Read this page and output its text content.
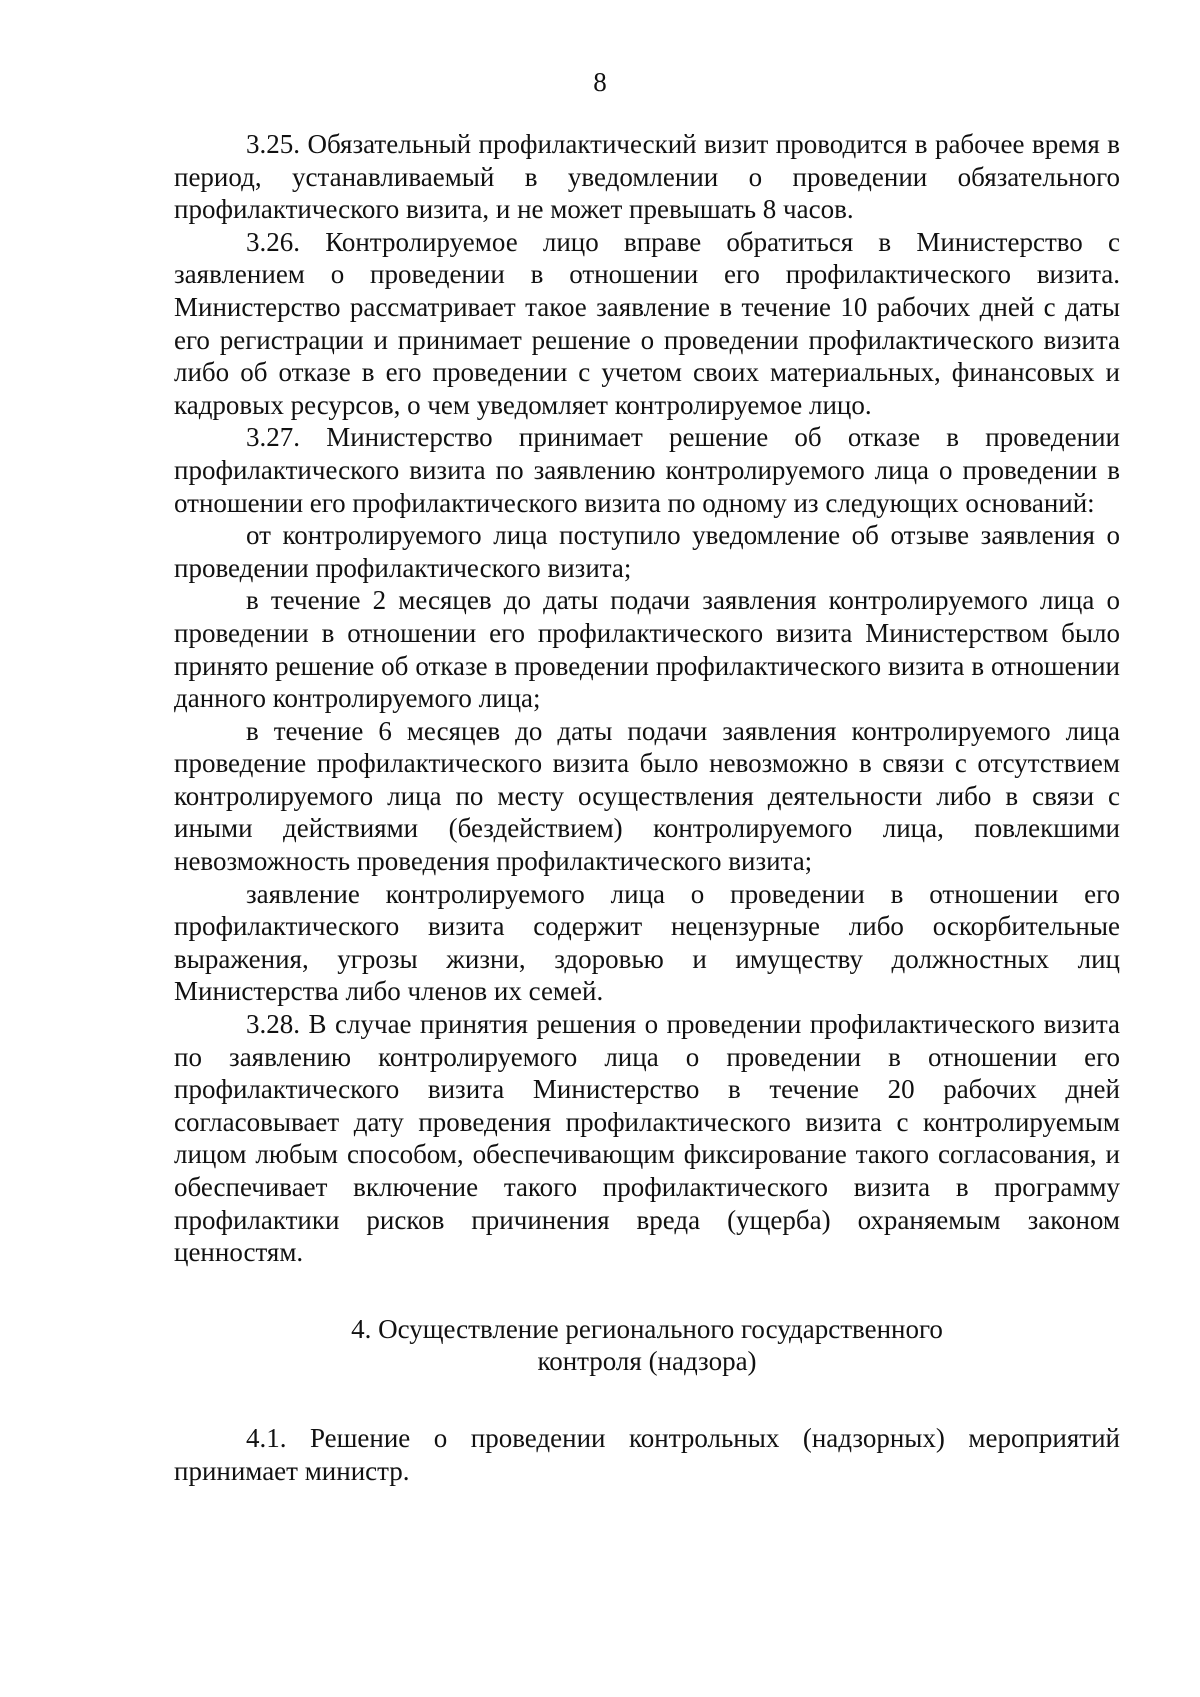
8

3.25. Обязательный профилактический визит проводится в рабочее время в период, устанавливаемый в уведомлении о проведении обязательного профилактического визита, и не может превышать 8 часов.

3.26. Контролируемое лицо вправе обратиться в Министерство с заявлением о проведении в отношении его профилактического визита. Министерство рассматривает такое заявление в течение 10 рабочих дней с даты его регистрации и принимает решение о проведении профилактического визита либо об отказе в его проведении с учетом своих материальных, финансовых и кадровых ресурсов, о чем уведомляет контролируемое лицо.

3.27. Министерство принимает решение об отказе в проведении профилактического визита по заявлению контролируемого лица о проведении в отношении его профилактического визита по одному из следующих оснований:

от контролируемого лица поступило уведомление об отзыве заявления о проведении профилактического визита;

в течение 2 месяцев до даты подачи заявления контролируемого лица о проведении в отношении его профилактического визита Министерством было принято решение об отказе в проведении профилактического визита в отношении данного контролируемого лица;

в течение 6 месяцев до даты подачи заявления контролируемого лица проведение профилактического визита было невозможно в связи с отсутствием контролируемого лица по месту осуществления деятельности либо в связи с иными действиями (бездействием) контролируемого лица, повлекшими невозможность проведения профилактического визита;

заявление контролируемого лица о проведении в отношении его профилактического визита содержит нецензурные либо оскорбительные выражения, угрозы жизни, здоровью и имуществу должностных лиц Министерства либо членов их семей.

3.28. В случае принятия решения о проведении профилактического визита по заявлению контролируемого лица о проведении в отношении его профилактического визита Министерство в течение 20 рабочих дней согласовывает дату проведения профилактического визита с контролируемым лицом любым способом, обеспечивающим фиксирование такого согласования, и обеспечивает включение такого профилактического визита в программу профилактики рисков причинения вреда (ущерба) охраняемым законом ценностям.

4. Осуществление регионального государственного
контроля (надзора)

4.1. Решение о проведении контрольных (надзорных) мероприятий принимает министр.
